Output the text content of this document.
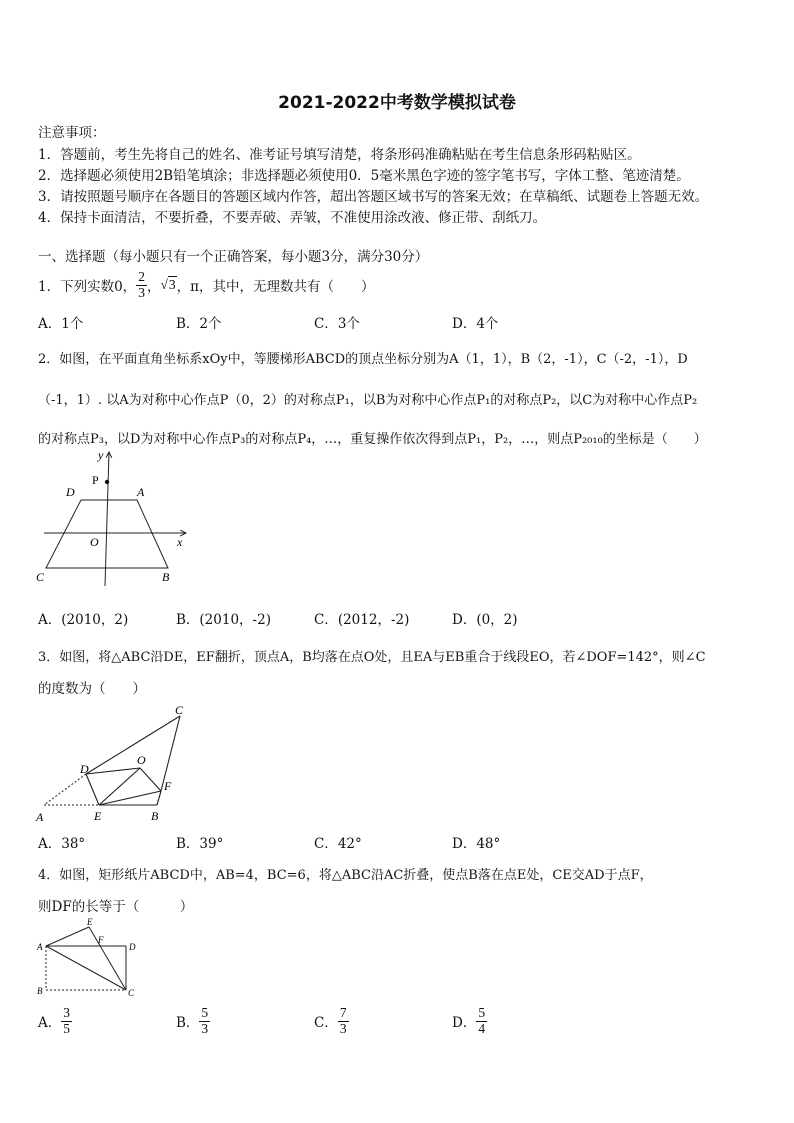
2021-2022中考数学模拟试卷
注意事项：
1．答题前，考生先将自己的姓名、准考证号填写清楚，将条形码准确粘贴在考生信息条形码粘贴区。
2．选择题必须使用2B铅笔填涂；非选择题必须使用0．5毫米黑色字迹的签字笔书写，字体工整、笔迹清楚。
3．请按照题号顺序在各题目的答题区域内作答，超出答题区域书写的答案无效；在草稿纸、试题卷上答题无效。
4．保持卡面清洁，不要折叠，不要弄破、弄皱，不准使用涂改液、修正带、刮纸刀。
一、选择题（每小题只有一个正确答案，每小题3分，满分30分）
1．下列实数0， $\frac{2}{3}$ ， √3 ，π，其中，无理数共有（　　）
A．1个	B．2个	C．3个	D．4个
2．如图，在平面直角坐标系xOy中，等腰梯形ABCD的顶点坐标分别为A（1，1），B（2，-1），C（-2，-1），D
（-1，1）. 以A为对称中心作点P（0，2）的对称点P₁，以B为对称中心作点P₁的对称点P₂，以C为对称中心作点P₂
的对称点P₃，以D为对称中心作点P₃的对称点P₄，…，重复操作依次得到点P₁，P₂，…，则点P₂₀₁₀的坐标是（　　）
y
x
P
D	A
O
C	B
A．(2010，2)	B．(2010，-2)	C．(2012，-2)	D．(0，2)
3．如图，将△ABC沿DE，EF翻折，顶点A，B均落在点O处，且EA与EB重合于线段EO，若∠DOF=142°，则∠C
的度数为（　　）
C
D
O
F
A	E	B
A．38°	B．39°	C．42°	D．48°
4．如图，矩形纸片ABCD中，AB=4，BC=6，将△ABC沿AC折叠，使点B落在点E处，CE交AD于点F，
则DF的长等于（　　　）
A
E
F
D
B	C
A． $\frac{3}{5}$	B． $\frac{5}{3}$	C． $\frac{7}{3}$	D． $\frac{5}{4}$
